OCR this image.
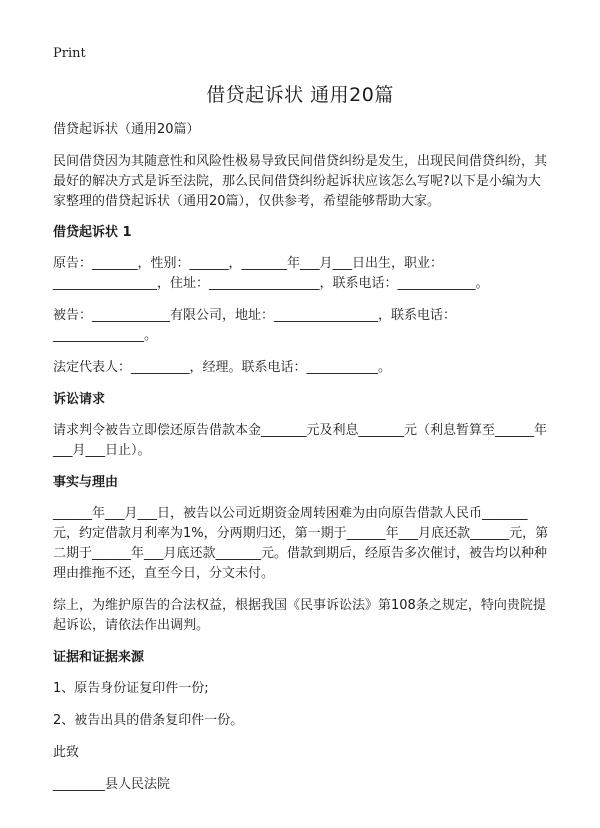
Print
借贷起诉状 通用20篇

借贷起诉状（通用20篇）

民间借贷因为其随意性和风险性极易导致民间借贷纠纷是发生，出现民间借贷纠纷，其最好的解决方式是诉至法院，那么民间借贷纠纷起诉状应该怎么写呢?以下是小编为大家整理的借贷起诉状（通用20篇），仅供参考，希望能够帮助大家。

借贷起诉状 1

原告：_______，性别：______，_______年___月___日出生，职业：________________，住址：_________________，联系电话：____________。

被告：____________有限公司，地址：________________，联系电话：______________。

法定代表人：_________，经理。联系电话：___________。

诉讼请求

请求判令被告立即偿还原告借款本金_______元及利息_______元（利息暂算至______年___月___日止）。

事实与理由

______年___月___日，被告以公司近期资金周转困难为由向原告借款人民币_______元，约定借款月利率为1%，分两期归还，第一期于______年___月底还款______元，第二期于______年___月底还款_______元。借款到期后，经原告多次催讨，被告均以种种理由推拖不还，直至今日，分文未付。

综上，为维护原告的合法权益，根据我国《民事诉讼法》第108条之规定，特向贵院提起诉讼，请依法作出调判。

证据和证据来源

1、原告身份证复印件一份;

2、被告出具的借条复印件一份。

此致

________县人民法院
